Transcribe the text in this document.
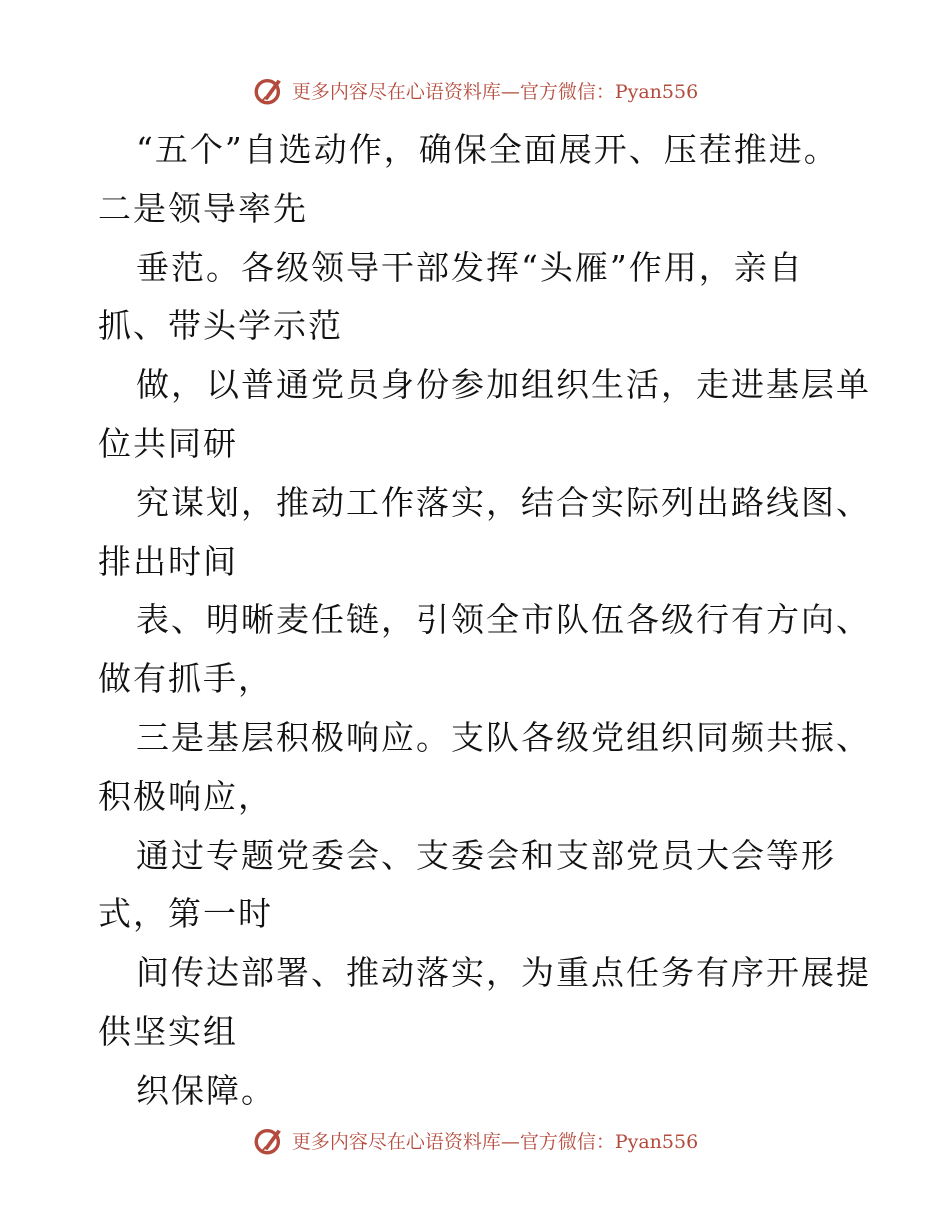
更多内容尽在心语资料库—官方微信：Pyan556
“五个”自选动作，确保全面展开、压茬推进。
二是领导率先
垂范。各级领导干部发挥“头雁”作用，亲自
抓、带头学示范
做，以普通党员身份参加组织生活，走进基层单
位共同研
究谋划，推动工作落实，结合实际列出路线图、
排出时间
表、明晰麦任链，引领全市队伍各级行有方向、
做有抓手，
三是基层积极响应。支队各级党组织同频共振、
积极响应，
通过专题党委会、支委会和支部党员大会等形
式，第一时
间传达部署、推动落实，为重点任务有序开展提
供坚实组
织保障。
更多内容尽在心语资料库—官方微信：Pyan556
